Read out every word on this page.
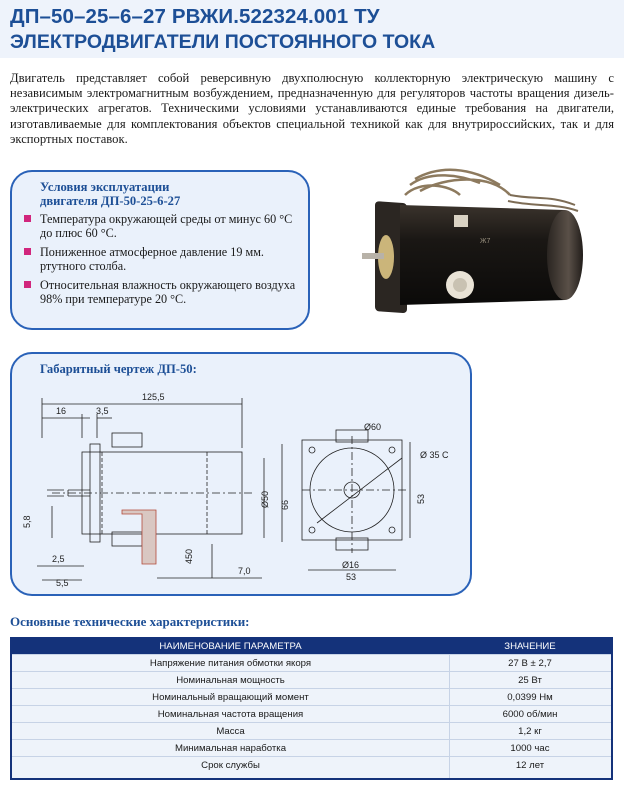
ДП–50–25–6–27 РВЖИ.522324.001 ТУ
ЭЛЕКТРОДВИГАТЕЛИ ПОСТОЯННОГО ТОКА
Двигатель представляет собой реверсивную двухполюсную коллекторную электрическую машину с независимым электромагнитным возбуждением, предназначенную для регуляторов частоты вращения дизель-электрических агрегатов. Техническими условиями устанавливаются единые требования на двигатели, изготавливаемые для комплектования объектов специальной техникой как для внутрироссийских, так и для экспортных поставок.
Условия эксплуатации
двигателя ДП-50-25-6-27
Температура окружающей среды от минус 60 °С до плюс 60 °С.
Пониженное атмосферное давление 19 мм. ртутного столба.
Относительная влажность окружающего воздуха 98% при температуре 20 °С.
Ж7
Габаритный чертеж ДП-50:
125,5
16	3,5
5,8
2,5
5,5
450
7,0
Ø50 66
Ø60
Ø 35 С
Ø16
53
53
Основные технические характеристики:
НАИМЕНОВАНИЕ ПАРАМЕТРА	ЗНАЧЕНИЕ
Напряжение питания обмотки якоря	27 В ± 2,7
Номинальная мощность	25 Вт
Номинальный вращающий момент	0,0399 Нм
Номинальная частота вращения	6000 об/мин
Масса	1,2 кг
Минимальная наработка	1000 час
Срок службы	12 лет
